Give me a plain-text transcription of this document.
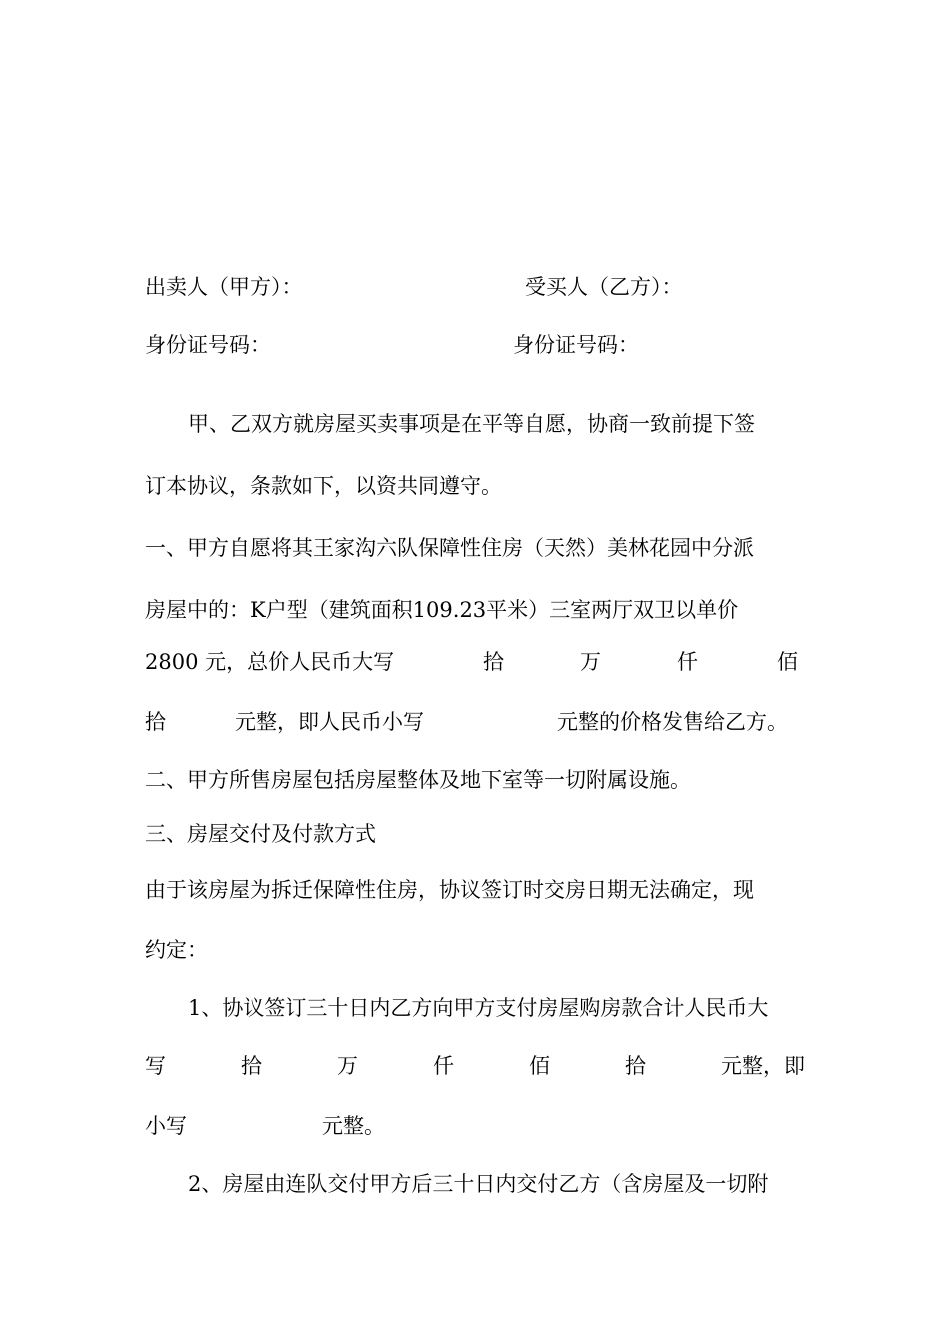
出卖人（甲方）：	受买人（乙方）：
身份证号码：	身份证号码：
甲、乙双方就房屋买卖事项是在平等自愿，协商一致前提下签
订本协议，条款如下，以资共同遵守。
一、甲方自愿将其王家沟六队保障性住房（天然）美林花园中分派
房屋中的：K户型（建筑面积109.23平米）三室两厅双卫以单价
2800 元，总价人民币大写	拾	万	仟	佰
拾	元整，即人民币小写	元整的价格发售给乙方。
二、甲方所售房屋包括房屋整体及地下室等一切附属设施。
三、房屋交付及付款方式
由于该房屋为拆迁保障性住房，协议签订时交房日期无法确定，现
约定：
1、协议签订三十日内乙方向甲方支付房屋购房款合计人民币大
写	拾	万	仟	佰	拾	元整，即
小写	元整。
2、房屋由连队交付甲方后三十日内交付乙方（含房屋及一切附
